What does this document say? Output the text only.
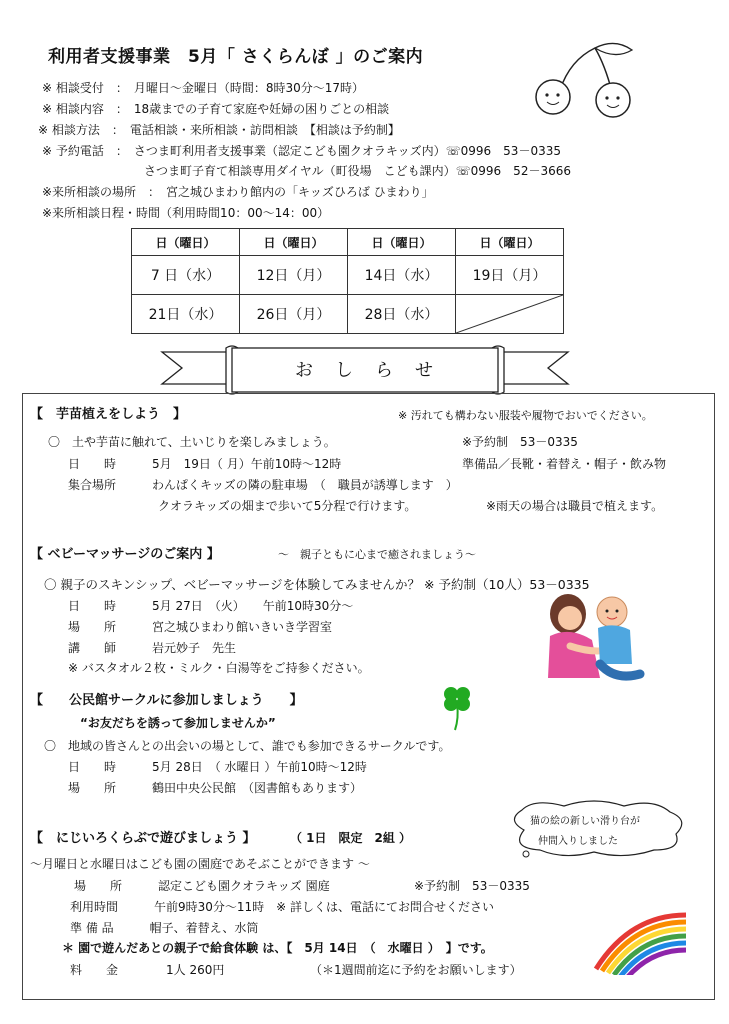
利用者支援事業　5月「 さくらんぼ 」のご案内
※ 相談受付　：　月曜日～金曜日（時間：8時30分～17時）
※ 相談内容　：　18歳までの子育て家庭や妊婦の困りごとの相談
※ 相談方法　：　電話相談・来所相談・訪問相談　【相談は予約制】
※ 予約電話　：　さつま町利用者支援事業（認定こども園クオラキッズ内）☏0996　53－0335
さつま町子育て相談専用ダイヤル（町役場　こども課内）☏0996　52－3666
※来所相談の場所　：　宮之城ひまわり館内の「キッズひろば ひまわり」
※来所相談日程・時間（利用時間10：00～14：00）
日（曜日）	日（曜日）	日（曜日）	日（曜日）
7 日（水）	12日（月）	14日（水）	19日（月）
21日（水）	26日（月）	28日（水）	
お　し　ら　せ
【　芋苗植えをしよう　】	※ 汚れても構わない服装や履物でおいでください。
〇　土や芋苗に触れて、土いじりを楽しみましょう。	※予約制　53－0335
日　　時　　　5月　19日（ 月）午前10時～12時	準備品／長靴・着替え・帽子・飲み物
集合場所　　　わんぱくキッズの隣の駐車場　（　職員が誘導します　）
クオラキッズの畑まで歩いて5分程で行けます。	※雨天の場合は職員で植えます。
【 ベビーマッサージのご案内 】	～　親子ともに心まで癒されましょう～
〇 親子のスキンシップ、ベビーマッサージを体験してみませんか？ ※ 予約制（10人）53－0335
日　　時　　　5月 27日　（火）　　午前10時30分～
場　　所　　　宮之城ひまわり館いきいき学習室
講　　師　　　岩元妙子　先生
※ バスタオル２枚・ミルク・白湯等をご持参ください。
【　　公民館サークルに参加しましょう　　】
“お友だちを誘って参加しませんか”
〇　地域の皆さんとの出会いの場として、誰でも参加できるサークルです。
日　　時　　　5月 28日　（ 水曜日 ）午前10時～12時
場　　所　　　鶴田中央公民館　（図書館もあります）
猫の絵の新しい滑り台が
仲間入りしました
【　にじいろくらぶで遊びましょう 】	（ 1日　限定　2組 ）
～月曜日と水曜日はこども園の園庭であそぶことができます ～
場　　所　　　認定こども園クオラキッズ 園庭	※予約制　53－0335
利用時間　　　午前9時30分～11時　※ 詳しくは、電話にてお問合せください
準 備 品　　　帽子、着替え、水筒
＊ 園で遊んだあとの親子で給食体験 は、【　5月 14日　（　水曜日 ）　】です。
料　　金　　　　1人 260円	（＊1週間前迄に予約をお願いします）
